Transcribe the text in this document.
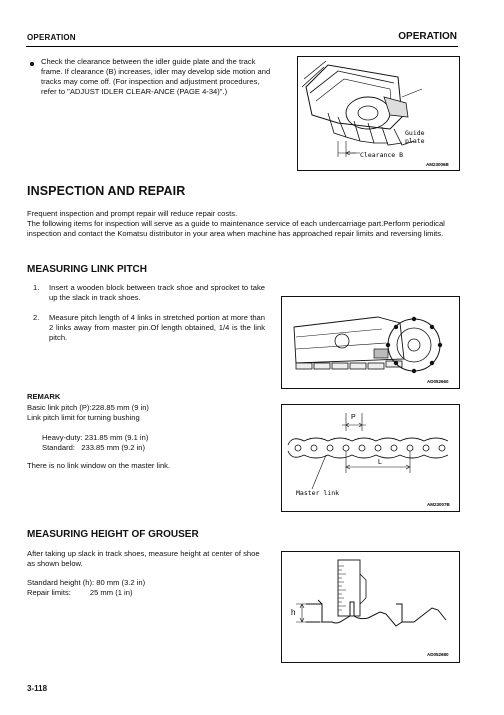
OPERATION	OPERATION
Check the clearance between the idler guide plate and the track frame. If clearance (B) increases, idler may develop side motion and tracks may come off. (For inspection and adjustment procedures, refer to "ADJUST IDLER CLEAR-ANCE (PAGE 4-34)".)
Guide
plate
Clearance B
AM23006B
INSPECTION AND REPAIR
Frequent inspection and prompt repair will reduce repair costs.
The following items for inspection will serve as a guide to maintenance service of each undercarriage part.Perform periodical inspection and contact the Komatsu distributor in your area when machine has approached repair limits and reversing limits.
MEASURING LINK PITCH
1. Insert a wooden block between track shoe and sprocket to take up the slack in track shoes.
2. Measure pitch length of 4 links in stretched portion at more than 2 links away from master pin.Of length obtained, 1/4 is the link pitch.
AD052660
REMARK
Basic link pitch (P):228.85 mm (9 in)
Link pitch limit for turning bushing
Heavy-duty: 231.85 mm (9.1 in)
Standard:   233.85 mm (9.2 in)
There is no link window on the master link.
P
L
Master link
AM23007B
MEASURING HEIGHT OF GROUSER
After taking up slack in track shoes, measure height at center of shoe as shown below.
Standard height (h): 80 mm (3.2 in)
Repair limits:         25 mm (1 in)
h
AD052680
3-118
